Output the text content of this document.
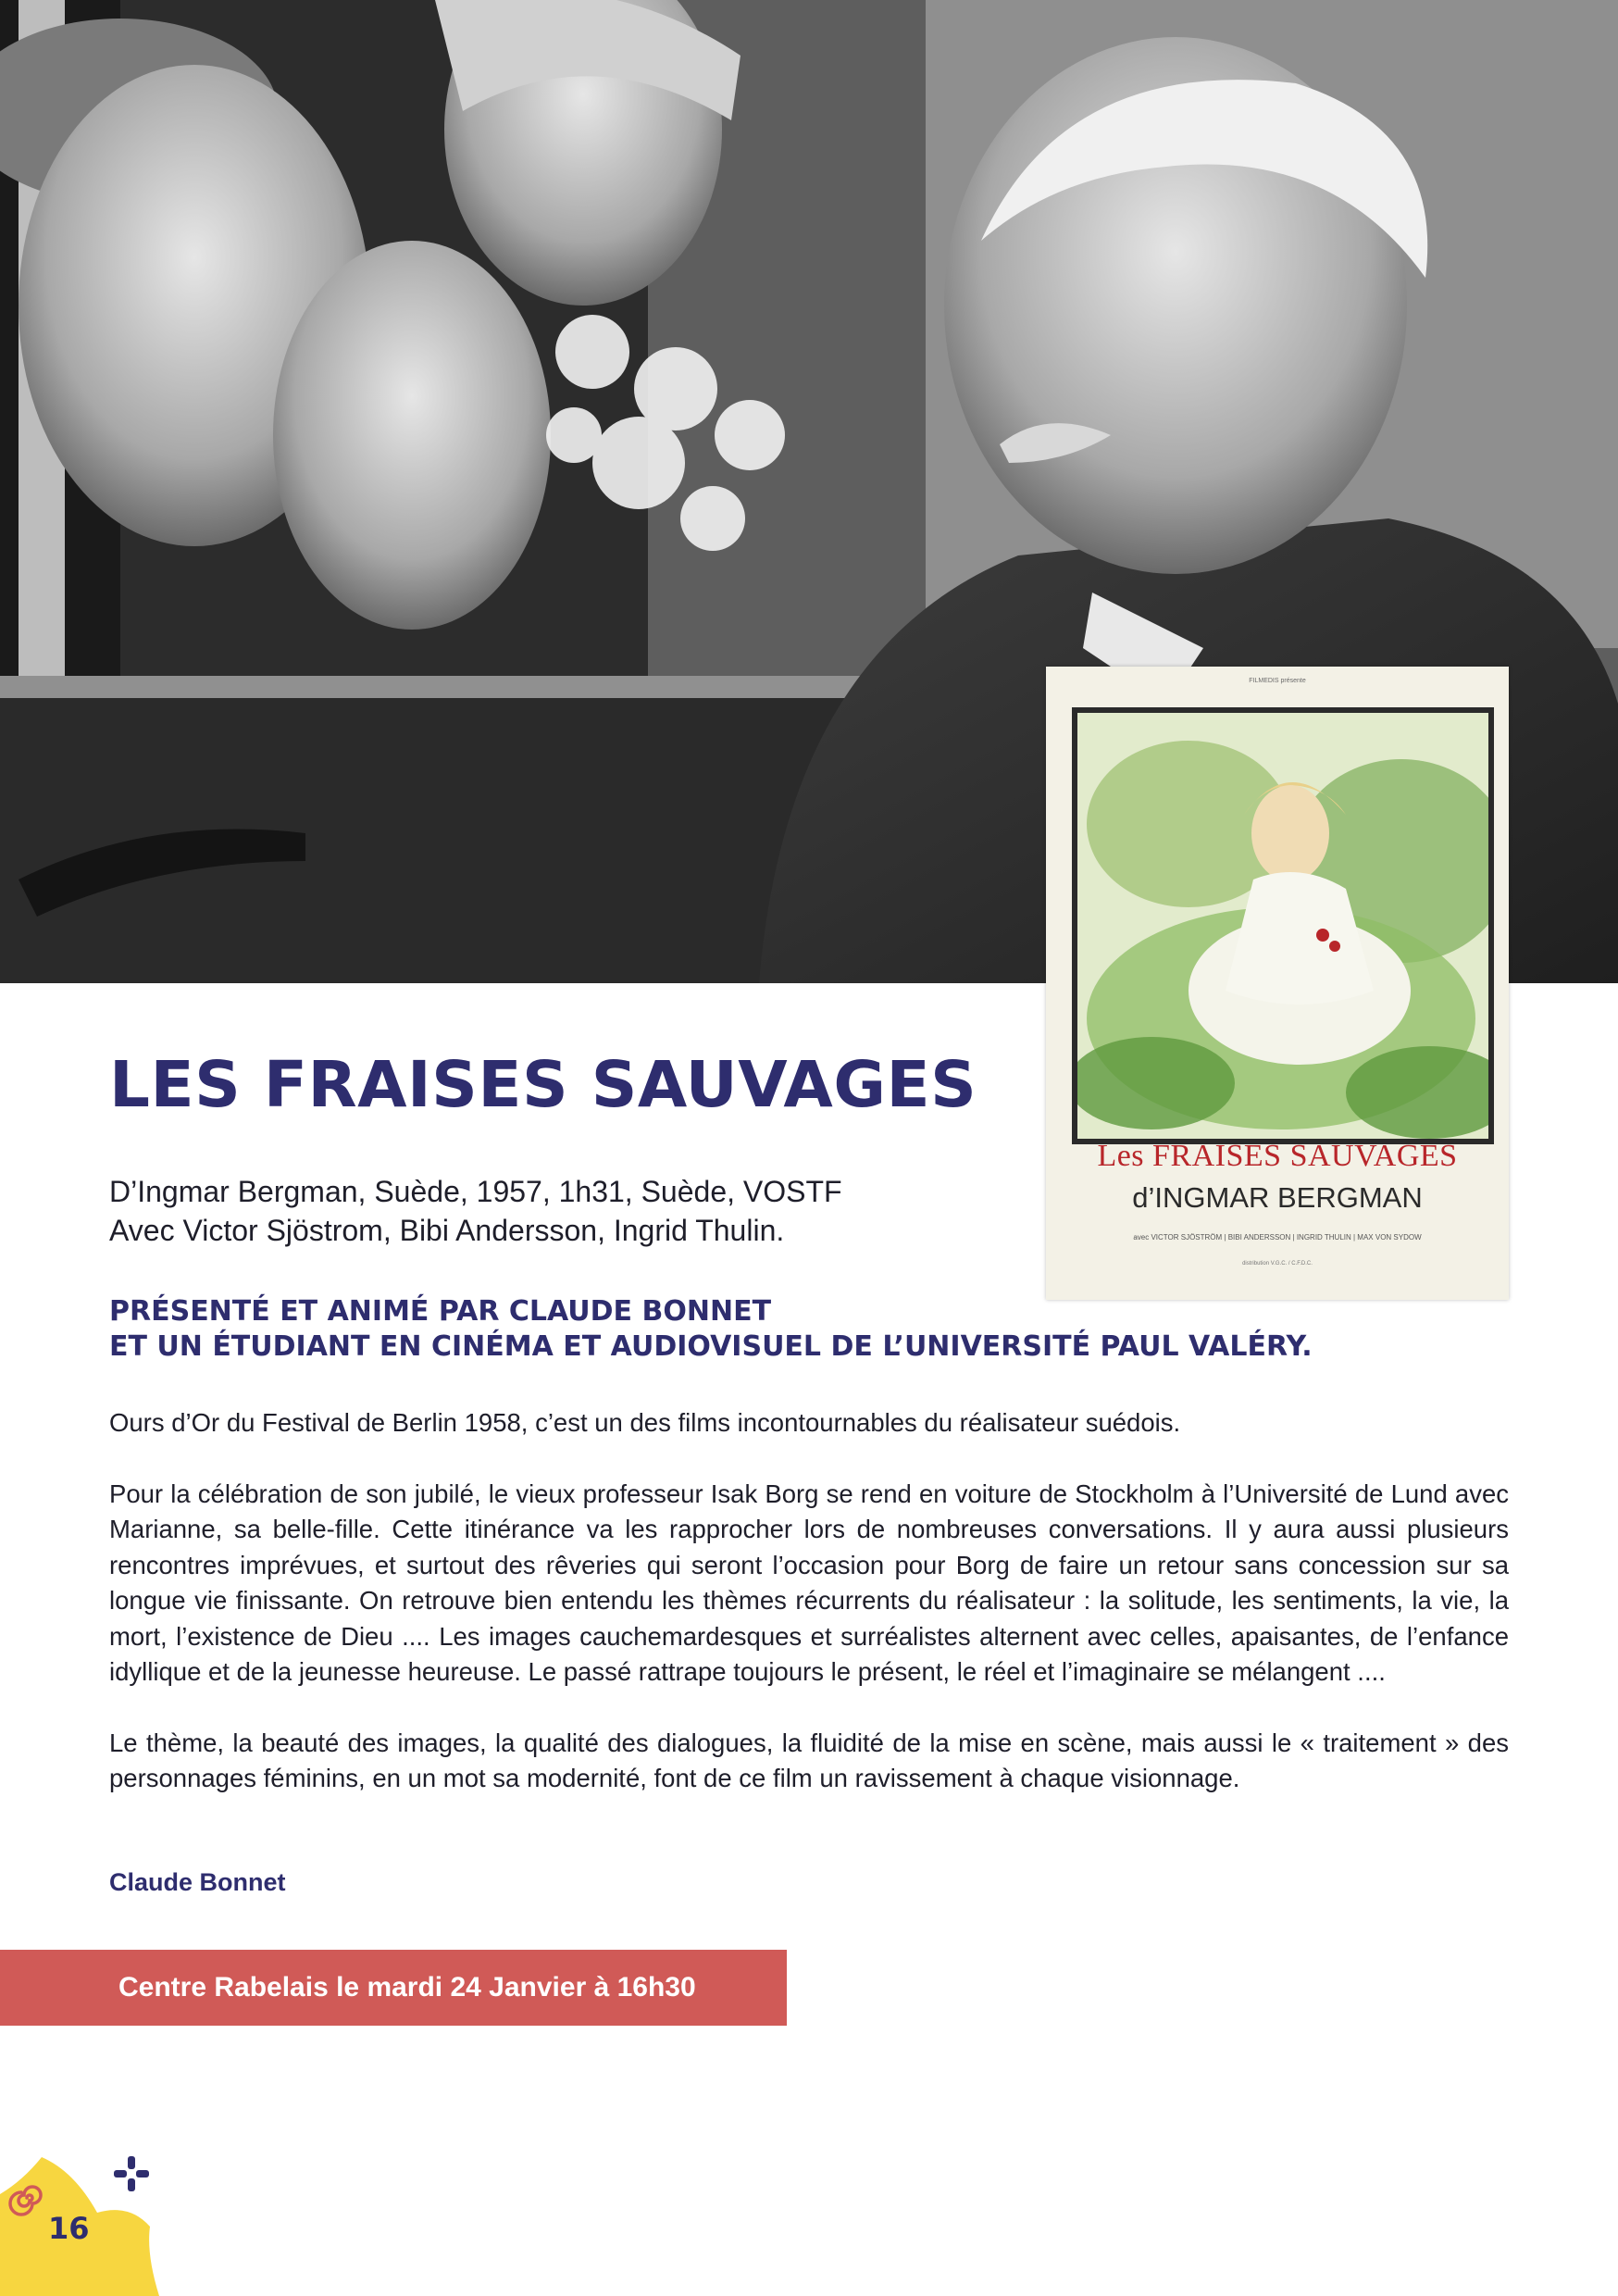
FILMEDIS présente
Les FRAISES SAUVAGES
d’INGMAR BERGMAN
avec VICTOR SJÖSTRÖM | BIBI ANDERSSON | INGRID THULIN | MAX VON SYDOW
distribution V.G.C. / C.F.D.C.
LES FRAISES SAUVAGES
D’Ingmar Bergman, Suède, 1957, 1h31, Suède, VOSTF
Avec Victor Sjöstrom, Bibi Andersson, Ingrid Thulin.
PRÉSENTÉ ET ANIMÉ PAR CLAUDE BONNET
ET UN ÉTUDIANT EN CINÉMA ET AUDIOVISUEL DE L’UNIVERSITÉ PAUL VALÉRY.

Ours d’Or du Festival de Berlin 1958, c’est un des films incontournables du réalisateur suédois.

Pour la célébration de son jubilé, le vieux professeur Isak Borg se rend en voiture de Stockholm à l’Université de Lund avec Marianne, sa belle-fille. Cette itinérance va les rapprocher lors de nombreuses conversations. Il y aura aussi plusieurs rencontres imprévues, et surtout des rêveries qui seront l’occasion pour Borg de faire un retour sans concession sur sa longue vie finissante. On retrouve bien entendu les thèmes récurrents du réalisateur : la solitude, les sentiments, la vie, la mort, l’existence de Dieu .... Les images cauchemardesques et surréalistes alternent avec celles, apaisantes, de l’enfance idyllique et de la jeunesse heureuse. Le passé rattrape toujours le présent, le réel et l’imaginaire se mélangent ....

Le thème, la beauté des images, la qualité des dialogues, la fluidité de la mise en scène, mais aussi le « traitement » des personnages féminins, en un mot sa modernité, font de ce film un ravissement à chaque visionnage.

Claude Bonnet
Centre Rabelais le mardi 24 Janvier à 16h30
16
